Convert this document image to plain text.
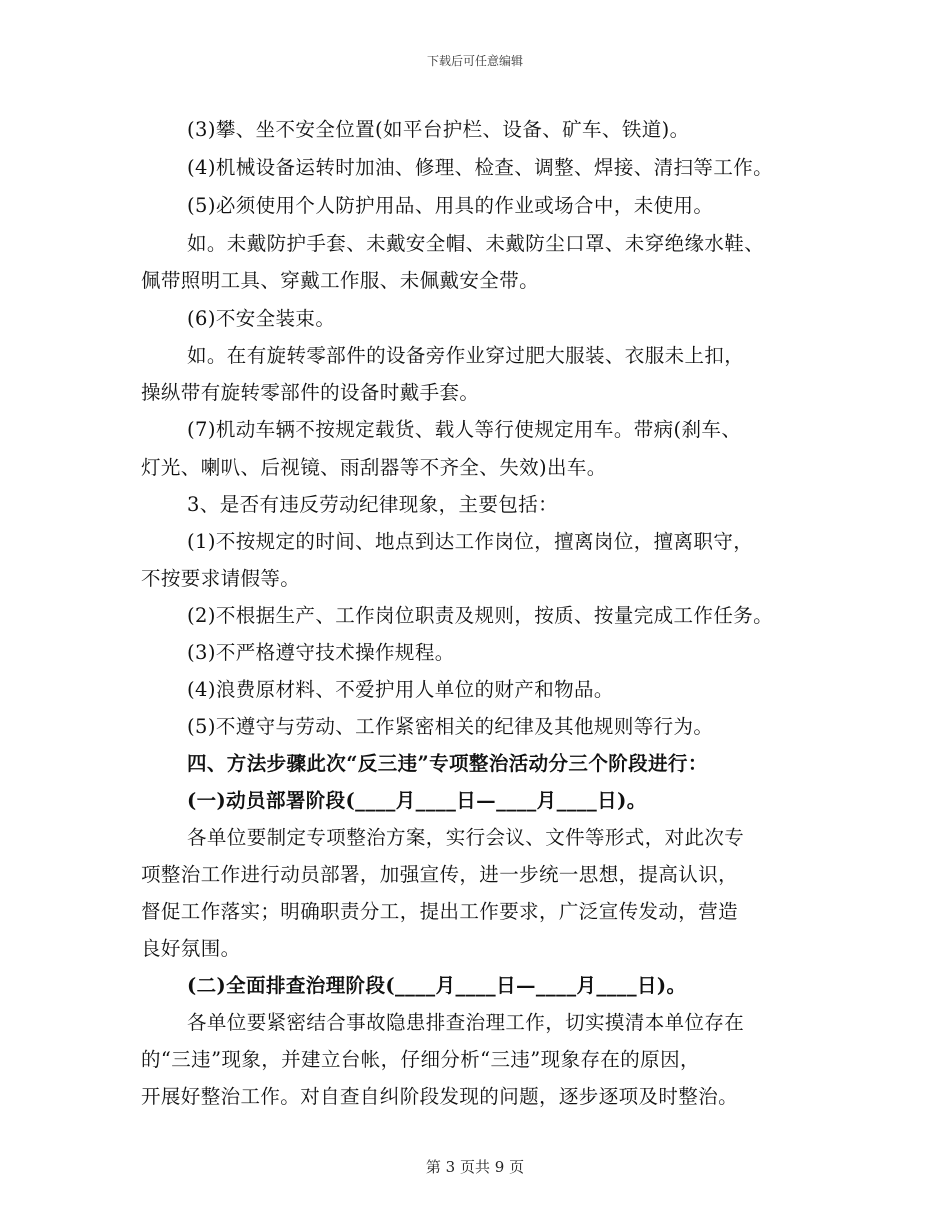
下载后可任意编辑
(3)攀、坐不安全位置(如平台护栏、设备、矿车、铁道)。
(4)机械设备运转时加油、修理、检查、调整、焊接、清扫等工作。
(5)必须使用个人防护用品、用具的作业或场合中，未使用。
如。未戴防护手套、未戴安全帽、未戴防尘口罩、未穿绝缘水鞋、
佩带照明工具、穿戴工作服、未佩戴安全带。
(6)不安全装束。
如。在有旋转零部件的设备旁作业穿过肥大服装、衣服未上扣，
操纵带有旋转零部件的设备时戴手套。
(7)机动车辆不按规定载货、载人等行使规定用车。带病(刹车、
灯光、喇叭、后视镜、雨刮器等不齐全、失效)出车。
3、是否有违反劳动纪律现象，主要包括：
(1)不按规定的时间、地点到达工作岗位，擅离岗位，擅离职守，
不按要求请假等。
(2)不根据生产、工作岗位职责及规则，按质、按量完成工作任务。
(3)不严格遵守技术操作规程。
(4)浪费原材料、不爱护用人单位的财产和物品。
(5)不遵守与劳动、工作紧密相关的纪律及其他规则等行为。
四、方法步骤此次“反三违”专项整治活动分三个阶段进行：
(一)动员部署阶段(____月____日—____月____日)。
各单位要制定专项整治方案，实行会议、文件等形式，对此次专
项整治工作进行动员部署，加强宣传，进一步统一思想，提高认识，
督促工作落实；明确职责分工，提出工作要求，广泛宣传发动，营造
良好氛围。
(二)全面排查治理阶段(____月____日—____月____日)。
各单位要紧密结合事故隐患排查治理工作，切实摸清本单位存在
的“三违”现象，并建立台帐，仔细分析“三违”现象存在的原因，
开展好整治工作。对自查自纠阶段发现的问题，逐步逐项及时整治。
第 3 页共 9 页
